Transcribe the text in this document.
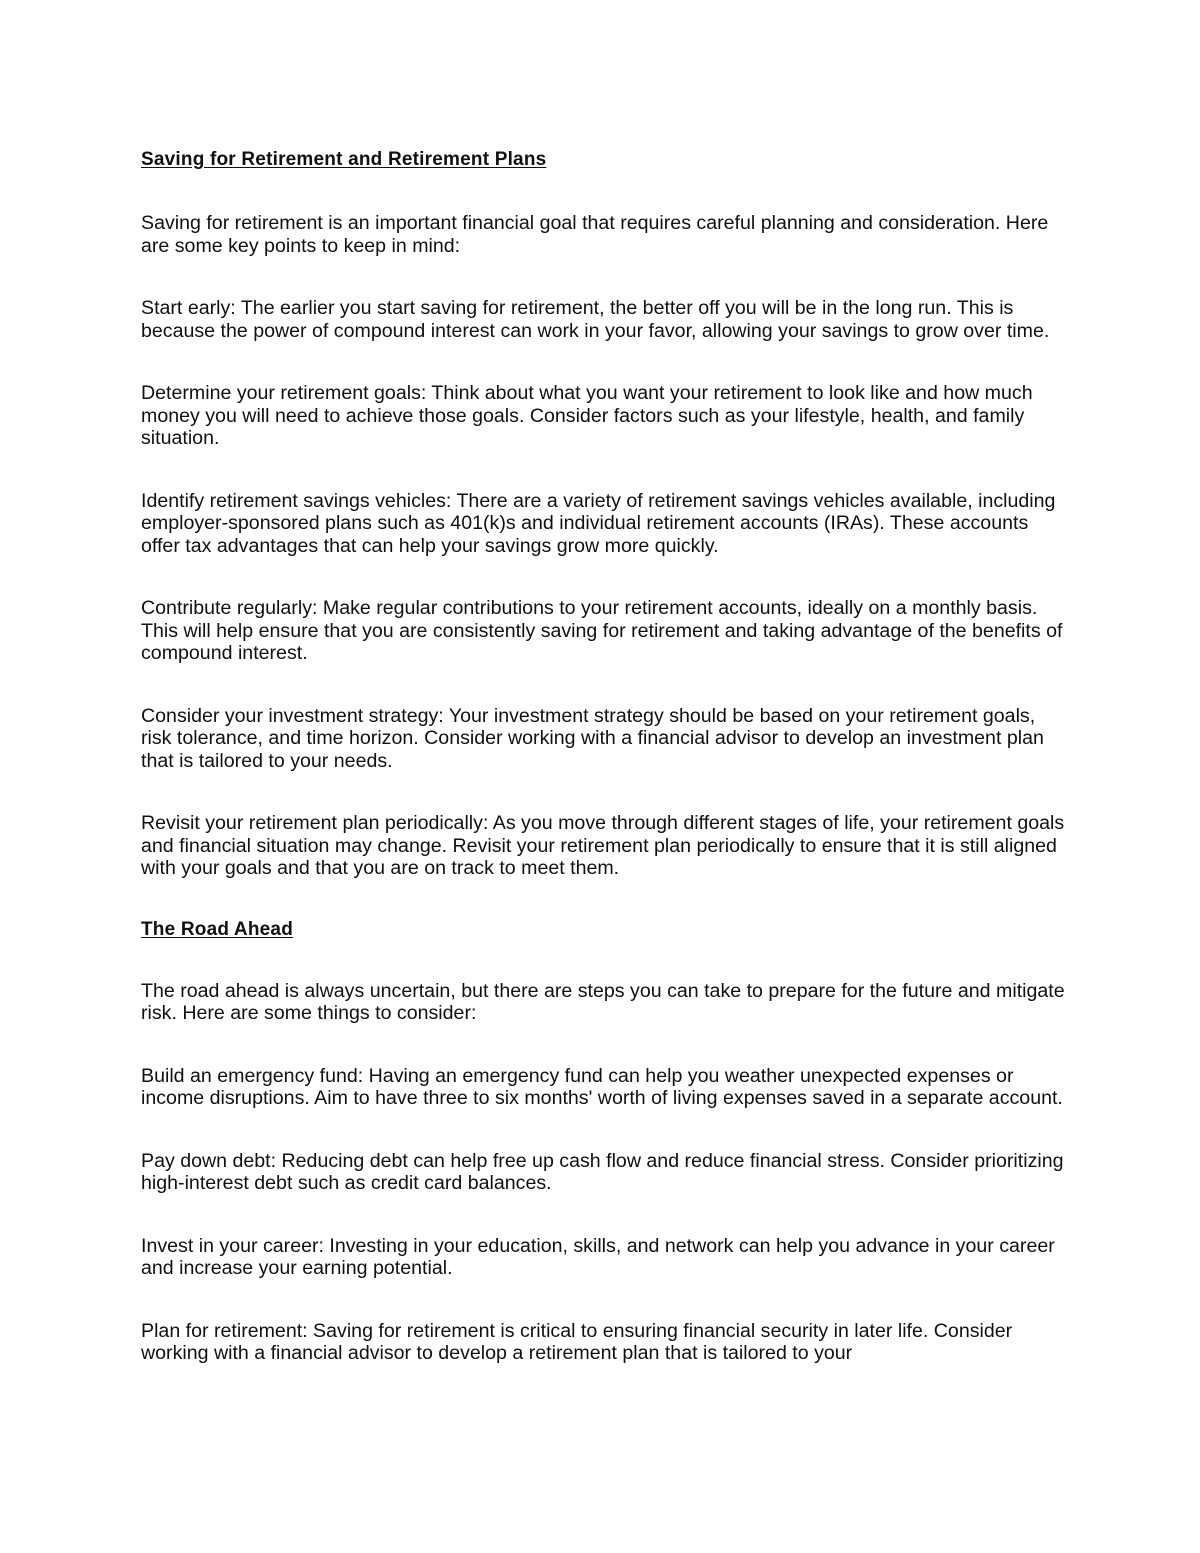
Saving for Retirement and Retirement Plans

Saving for retirement is an important financial goal that requires careful planning and consideration. Here are some key points to keep in mind:

Start early: The earlier you start saving for retirement, the better off you will be in the long run. This is because the power of compound interest can work in your favor, allowing your savings to grow over time.

Determine your retirement goals: Think about what you want your retirement to look like and how much money you will need to achieve those goals. Consider factors such as your lifestyle, health, and family situation.

Identify retirement savings vehicles: There are a variety of retirement savings vehicles available, including employer-sponsored plans such as 401(k)s and individual retirement accounts (IRAs). These accounts offer tax advantages that can help your savings grow more quickly.

Contribute regularly: Make regular contributions to your retirement accounts, ideally on a monthly basis. This will help ensure that you are consistently saving for retirement and taking advantage of the benefits of compound interest.

Consider your investment strategy: Your investment strategy should be based on your retirement goals, risk tolerance, and time horizon. Consider working with a financial advisor to develop an investment plan that is tailored to your needs.

Revisit your retirement plan periodically: As you move through different stages of life, your retirement goals and financial situation may change. Revisit your retirement plan periodically to ensure that it is still aligned with your goals and that you are on track to meet them.

The Road Ahead

The road ahead is always uncertain, but there are steps you can take to prepare for the future and mitigate risk. Here are some things to consider:

Build an emergency fund: Having an emergency fund can help you weather unexpected expenses or income disruptions. Aim to have three to six months' worth of living expenses saved in a separate account.

Pay down debt: Reducing debt can help free up cash flow and reduce financial stress. Consider prioritizing high-interest debt such as credit card balances.

Invest in your career: Investing in your education, skills, and network can help you advance in your career and increase your earning potential.

Plan for retirement: Saving for retirement is critical to ensuring financial security in later life. Consider working with a financial advisor to develop a retirement plan that is tailored to your
